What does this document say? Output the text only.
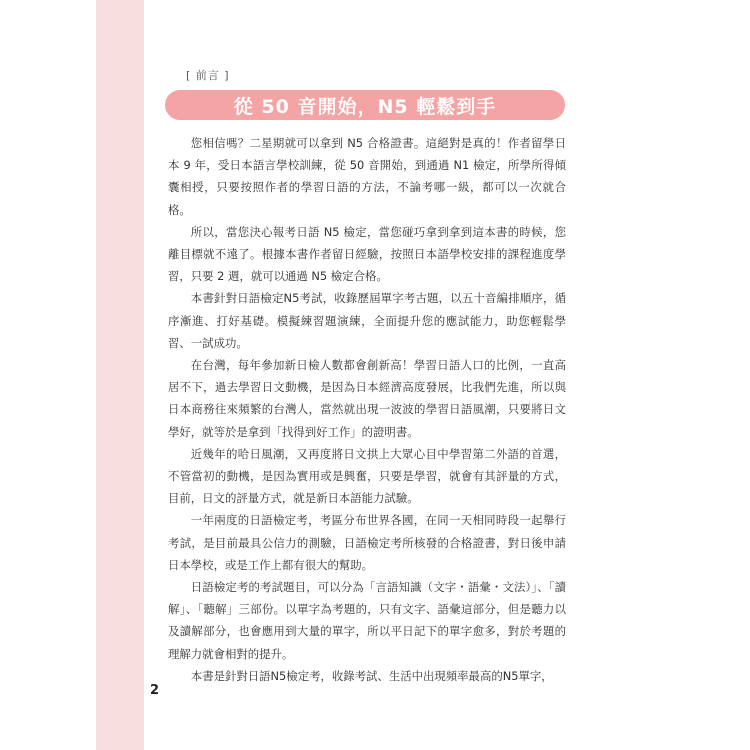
[ 前言 ]
從 50 音開始，N5 輕鬆到手

您相信嗎？二星期就可以拿到 N5 合格證書。這絕對是真的！作者留學日本 9 年，受日本語言學校訓練，從 50 音開始，到通過 N1 檢定，所學所得傾囊相授，只要按照作者的學習日語的方法，不論考哪一級，都可以一次就合格。

所以，當您決心報考日語 N5 檢定，當您碰巧拿到拿到這本書的時候，您離目標就不遠了。根據本書作者留日經驗，按照日本語學校安排的課程進度學習，只要 2 週，就可以通過 N5 檢定合格。

本書針對日語檢定N5考試，收錄歷屆單字考古題，以五十音編排順序，循序漸進、打好基礎。模擬練習題演練，全面提升您的應試能力，助您輕鬆學習、一試成功。

在台灣，每年參加新日檢人數都會創新高！學習日語人口的比例，一直高居不下，過去學習日文動機，是因為日本經濟高度發展，比我們先進，所以與日本商務往來頻繁的台灣人，當然就出現一波波的學習日語風潮，只要將日文學好，就等於是拿到「找得到好工作」的證明書。

近幾年的哈日風潮，又再度將日文拱上大眾心目中學習第二外語的首選，不管當初的動機，是因為實用或是興奮，只要是學習，就會有其評量的方式，目前，日文的評量方式，就是新日本語能力試驗。

一年兩度的日語檢定考，考區分布世界各國，在同一天相同時段一起舉行考試，是目前最具公信力的測驗，日語檢定考所核發的合格證書，對日後申請日本學校，或是工作上都有很大的幫助。

日語檢定考的考試題目，可以分為「言語知識（文字・語彙・文法）」、「讀解」、「聽解」三部份。以單字為考題的，只有文字、語彙這部分，但是聽力以及讀解部分，也會應用到大量的單字，所以平日記下的單字愈多，對於考題的理解力就會相對的提升。

本書是針對日語N5檢定考，收錄考試、生活中出現頻率最高的N5單字，

2
